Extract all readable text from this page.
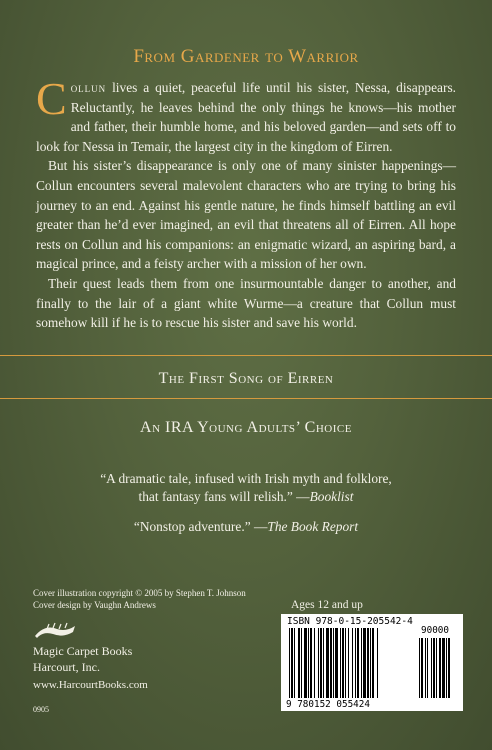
From Gardener to Warrior

Collun lives a quiet, peaceful life until his sister, Nessa, disappears. Reluctantly, he leaves behind the only things he knows—his mother and father, their humble home, and his beloved garden—and sets off to look for Nessa in Temair, the largest city in the kingdom of Eirren.

But his sister’s disappearance is only one of many sinister happenings—Collun encounters several malevolent characters who are trying to bring his journey to an end. Against his gentle nature, he finds himself battling an evil greater than he’d ever imagined, an evil that threatens all of Eirren. All hope rests on Collun and his companions: an enigmatic wizard, an aspiring bard, a magical prince, and a feisty archer with a mission of her own.

Their quest leads them from one insurmountable danger to another, and finally to the lair of a giant white Wurme—a creature that Collun must somehow kill if he is to rescue his sister and save his world.

The First Song of Eirren
An IRA Young Adults’ Choice
“A dramatic tale, infused with Irish myth and folklore,
that fantasy fans will relish.” —Booklist
“Nonstop adventure.” —The Book Report
Cover illustration copyright © 2005 by Stephen T. Johnson
Cover design by Vaughn Andrews
Magic Carpet Books
Harcourt, Inc.
www.HarcourtBooks.com
0905
Ages 12 and up
ISBN 978-0-15-205542-4
9 780152 055424
90000
